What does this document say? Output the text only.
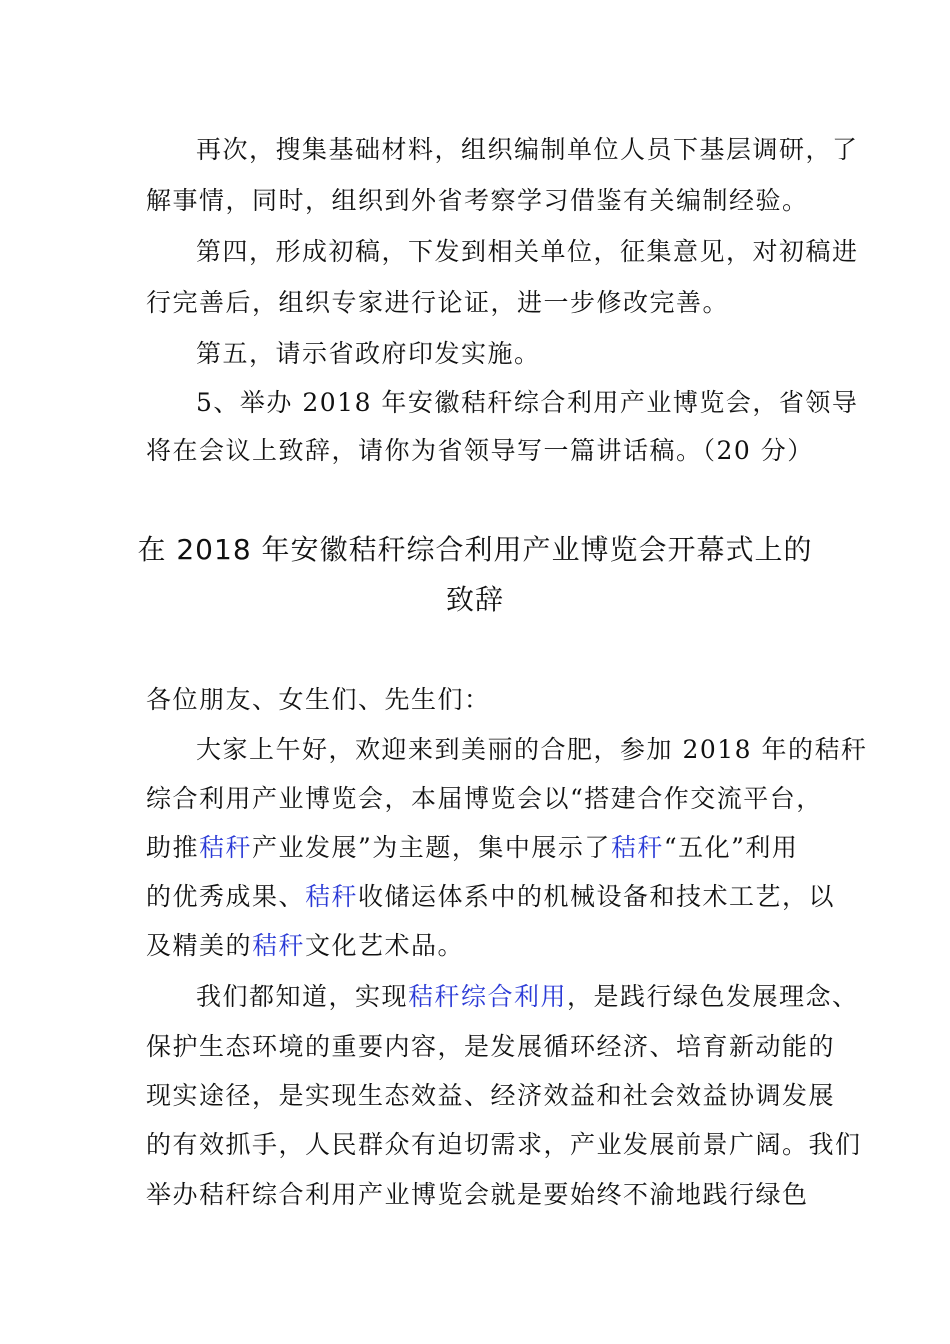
再次，搜集基础材料，组织编制单位人员下基层调研，了
解事情，同时，组织到外省考察学习借鉴有关编制经验。
第四，形成初稿，下发到相关单位，征集意见，对初稿进
行完善后，组织专家进行论证，进一步修改完善。
第五，请示省政府印发实施。
5、举办 2018 年安徽秸秆综合利用产业博览会，省领导
将在会议上致辞，请你为省领导写一篇讲话稿。（20 分）
在 2018 年安徽秸秆综合利用产业博览会开幕式上的
致辞
各位朋友、女生们、先生们：
大家上午好，欢迎来到美丽的合肥，参加 2018 年的秸秆
综合利用产业博览会，本届博览会以“搭建合作交流平台，
助推秸秆产业发展”为主题，集中展示了秸秆“五化”利用
的优秀成果、秸秆收储运体系中的机械设备和技术工艺，以
及精美的秸秆文化艺术品。
我们都知道，实现秸秆综合利用，是践行绿色发展理念、
保护生态环境的重要内容，是发展循环经济、培育新动能的
现实途径，是实现生态效益、经济效益和社会效益协调发展
的有效抓手，人民群众有迫切需求，产业发展前景广阔。我们
举办秸秆综合利用产业博览会就是要始终不渝地践行绿色
